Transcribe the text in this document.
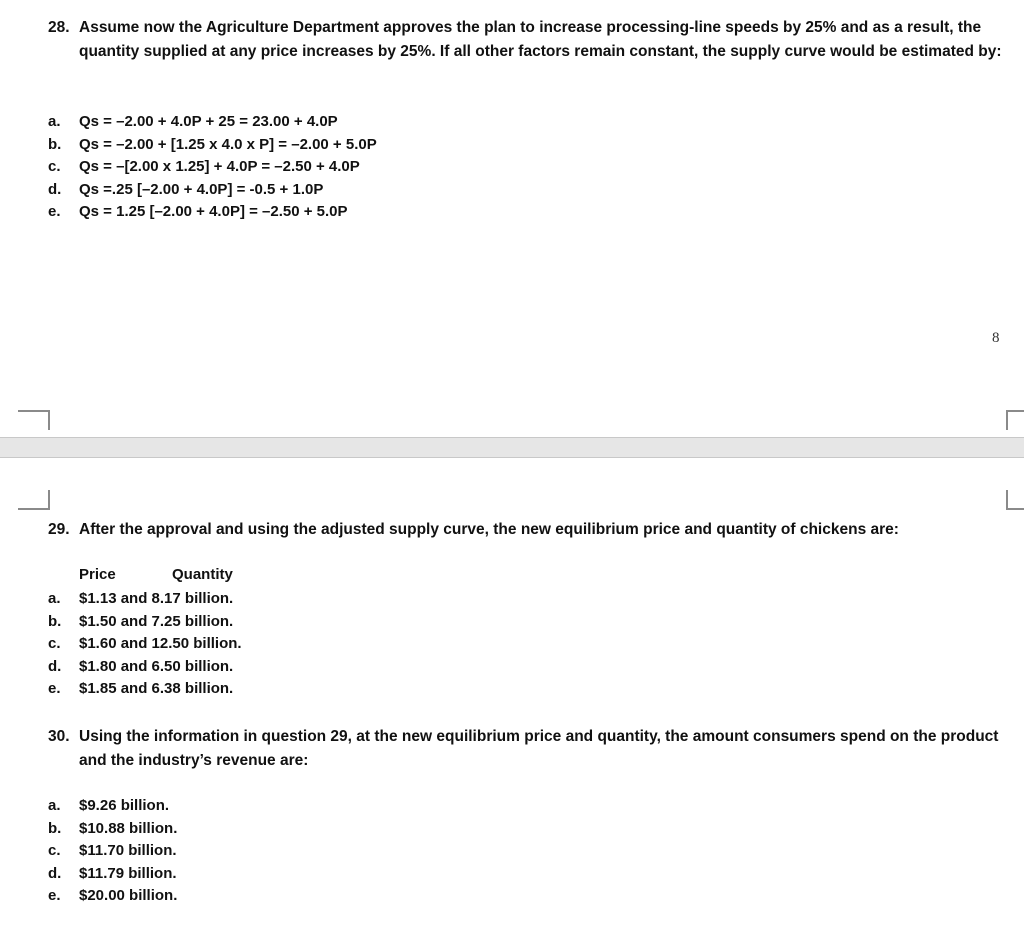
28. Assume now the Agriculture Department approves the plan to increase processing-line speeds by 25% and as a result, the quantity supplied at any price increases by 25%. If all other factors remain constant, the supply curve would be estimated by:
a.	Qs = –2.00 + 4.0P + 25 = 23.00 + 4.0P
b.	Qs = –2.00 + [1.25 x 4.0 x P] = –2.00 + 5.0P
c.	Qs = –[2.00 x 1.25] + 4.0P = –2.50 + 4.0P
d.	Qs =.25 [–2.00 + 4.0P] = -0.5 + 1.0P
e.	Qs = 1.25 [–2.00 + 4.0P] = –2.50 + 5.0P
8
29. After the approval and using the adjusted supply curve, the new equilibrium price and quantity of chickens are:
Price	Quantity
a.	$1.13 and 8.17 billion.
b.	$1.50 and 7.25 billion.
c.	$1.60 and 12.50 billion.
d.	$1.80 and 6.50 billion.
e.	$1.85 and 6.38 billion.
30. Using the information in question 29, at the new equilibrium price and quantity, the amount consumers spend on the product and the industry’s revenue are:
a.	$9.26 billion.
b.	$10.88 billion.
c.	$11.70 billion.
d.	$11.79 billion.
e.	$20.00 billion.
